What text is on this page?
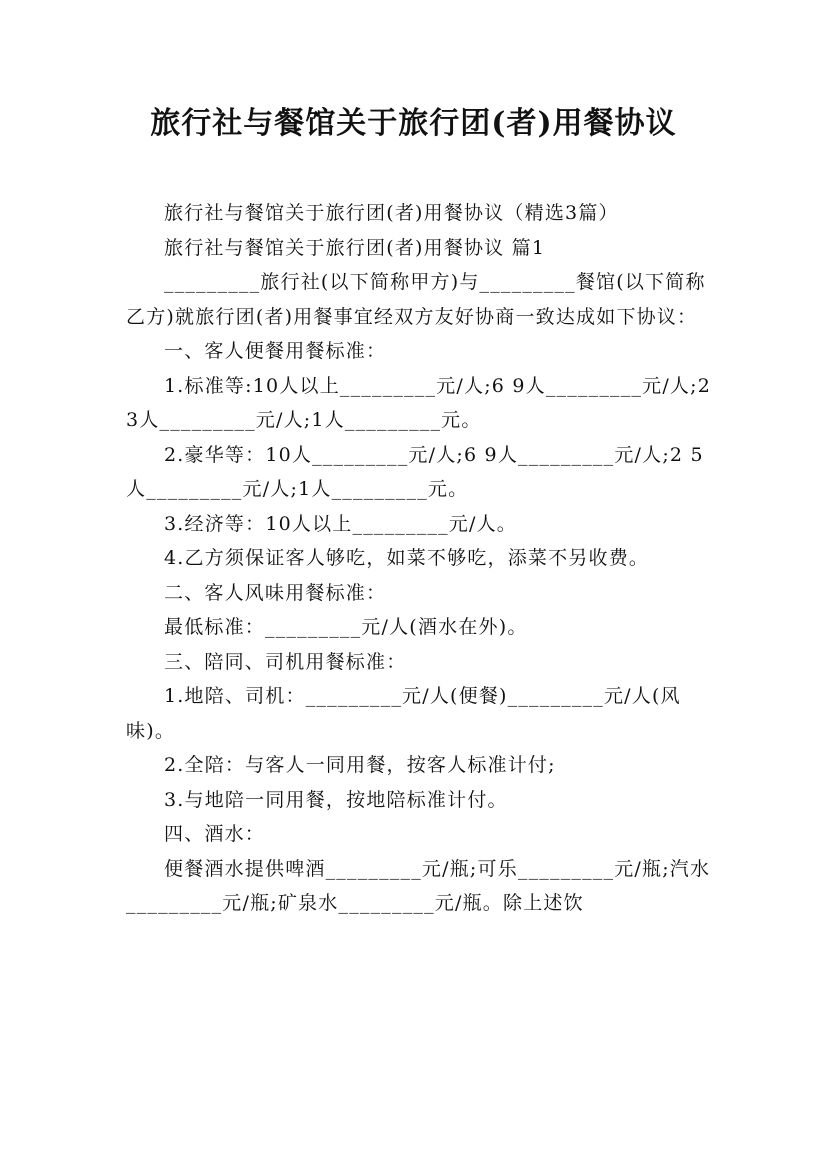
旅行社与餐馆关于旅行团(者)用餐协议

旅行社与餐馆关于旅行团(者)用餐协议（精选3篇）

旅行社与餐馆关于旅行团(者)用餐协议 篇1

_________旅行社(以下简称甲方)与_________餐馆(以下简称乙方)就旅行团(者)用餐事宜经双方友好协商一致达成如下协议：

一、客人便餐用餐标准：

1.标准等:10人以上_________元/人;6 9人_________元/人;2 3人_________元/人;1人_________元。

2.豪华等：10人_________元/人;6 9人_________元/人;2 5人_________元/人;1人_________元。

3.经济等：10人以上_________元/人。

4.乙方须保证客人够吃，如菜不够吃，添菜不另收费。

二、客人风味用餐标准：

最低标准：_________元/人(酒水在外)。

三、陪同、司机用餐标准：

1.地陪、司机：_________元/人(便餐)_________元/人(风味)。

2.全陪：与客人一同用餐，按客人标准计付;

3.与地陪一同用餐，按地陪标准计付。

四、酒水：

便餐酒水提供啤酒_________元/瓶;可乐_________元/瓶;汽水_________元/瓶;矿泉水_________元/瓶。除上述饮
